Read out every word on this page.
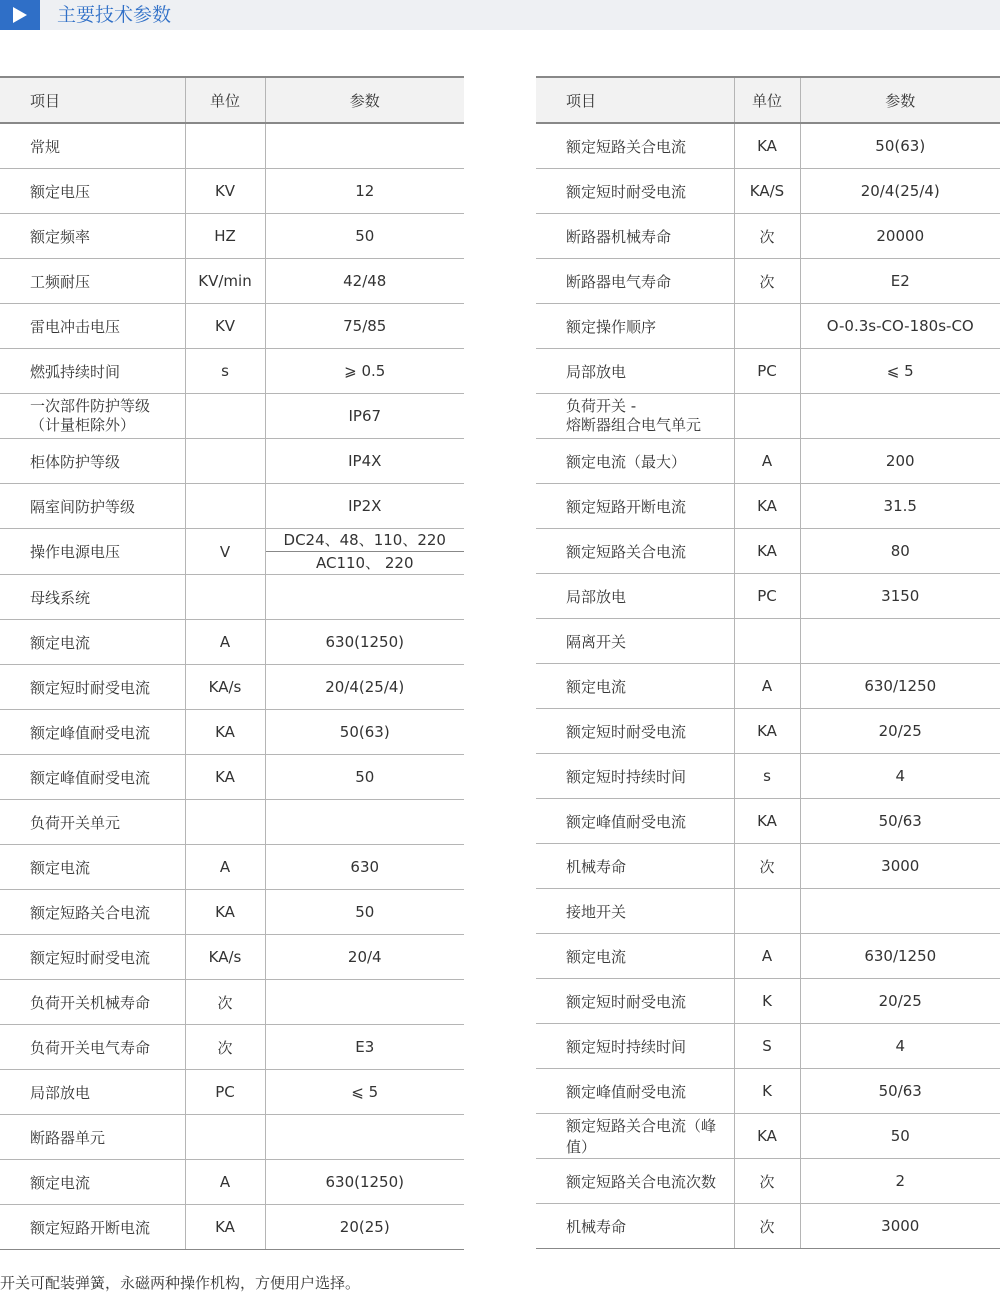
主要技术参数
项目	单位	参数
常规		
额定电压	KV	12
额定频率	HZ	50
工频耐压	KV/min	42/48
雷电冲击电压	KV	75/85
燃弧持续时间	s	⩾ 0.5

一次部件防护等级
（计量柜除外）		IP67
柜体防护等级		IP4X
隔室间防护等级		IP2X
操作电源电压	V	DC24、48、110、220
AC110、 220

母线系统		
额定电流	A	630(1250)
额定短时耐受电流	KA/s	20/4(25/4)
额定峰值耐受电流	KA	50(63)
额定峰值耐受电流	KA	50
负荷开关单元		
额定电流	A	630
额定短路关合电流	KA	50
额定短时耐受电流	KA/s	20/4
负荷开关机械寿命	次	
负荷开关电气寿命	次	E3
局部放电	PC	⩽ 5
断路器单元		
额定电流	A	630(1250)
额定短路开断电流	KA	20(25)
项目	单位	参数
额定短路关合电流	KA	50(63)
额定短时耐受电流	KA/S	20/4(25/4)
断路器机械寿命	次	20000
断路器电气寿命	次	E2
额定操作顺序		O-0.3s-CO-180s-CO
局部放电	PC	⩽ 5

负荷开关 -
熔断器组合电气单元		

额定电流（最大）	A	200
额定短路开断电流	KA	31.5
额定短路关合电流	KA	80
局部放电	PC	3150
隔离开关		
额定电流	A	630/1250
额定短时耐受电流	KA	20/25
额定短时持续时间	s	4
额定峰值耐受电流	KA	50/63
机械寿命	次	3000
接地开关		
额定电流	A	630/1250
额定短时耐受电流	K	20/25
额定短时持续时间	S	4
额定峰值耐受电流	K	50/63
额定短路关合电流（峰值）	KA	50
额定短路关合电流次数	次	2
机械寿命	次	3000
开关可配装弹簧，永磁两种操作机构，方便用户选择。
